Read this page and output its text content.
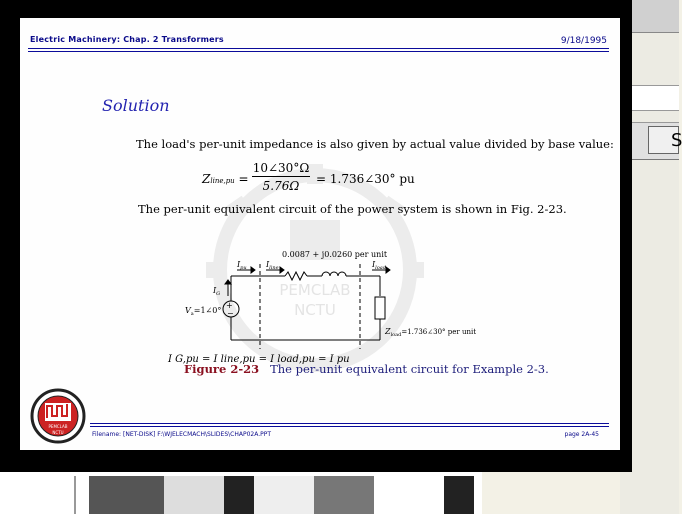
S
Electric Machinery: Chap. 2 Transformers	9/18/1995
PEMCLAB
NCTU
Solution
The load's per-unit impedance is also given by actual value divided by base value:
Zline,pu =
10∠30°Ω
5.76Ω	= 1.736∠30° pu
The per-unit equivalent circuit of the power system is shown in Fig. 2-23.
+
−
0.0087 + j0.0260 per unit
$I_{pu}$ $I_{line}$	$I_{load}$
$I_G$
$V_a=1\angle 0^\circ$
$Z_{load}=1.736\angle 30^\circ$ per unit
I G,pu = I line,pu = I load,pu = I pu
Figure 2-23 The per-unit equivalent circuit for Example 2-3.
PEMCLAB
NCTU	Filename: [NET-DISK] F:\WJELECMACH\SLIDES\CHAP02A.PPT	page 2A-45
